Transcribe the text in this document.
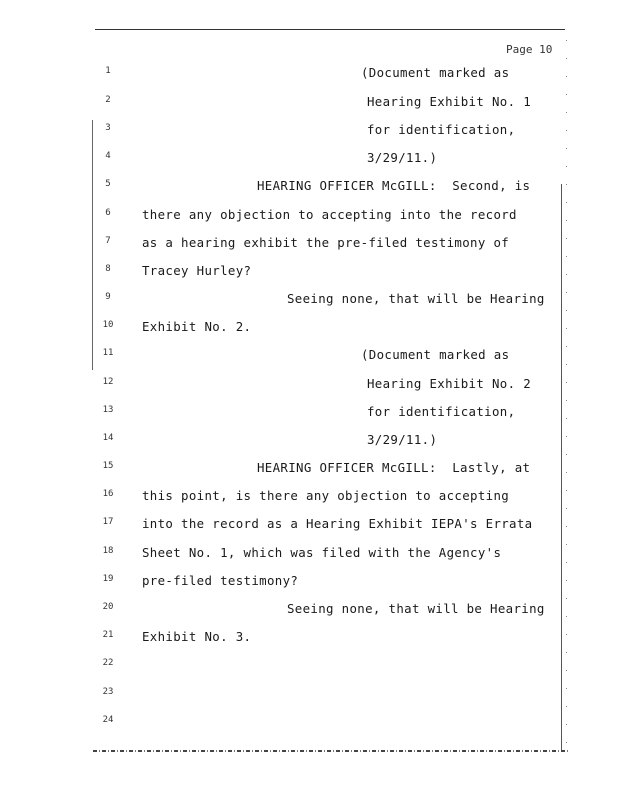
Page 10
1	(Document marked as
2	Hearing Exhibit No. 1
3	for identification,
4	3/29/11.)
5	HEARING OFFICER McGILL:  Second, is
6	there any objection to accepting into the record
7	as a hearing exhibit the pre-filed testimony of
8	Tracey Hurley?
9	Seeing none, that will be Hearing
10	Exhibit No. 2.
11	(Document marked as
12	Hearing Exhibit No. 2
13	for identification,
14	3/29/11.)
15	HEARING OFFICER McGILL:  Lastly, at
16	this point, is there any objection to accepting
17	into the record as a Hearing Exhibit IEPA's Errata
18	Sheet No. 1, which was filed with the Agency's
19	pre-filed testimony?
20	Seeing none, that will be Hearing
21	Exhibit No. 3.
22
23
24
